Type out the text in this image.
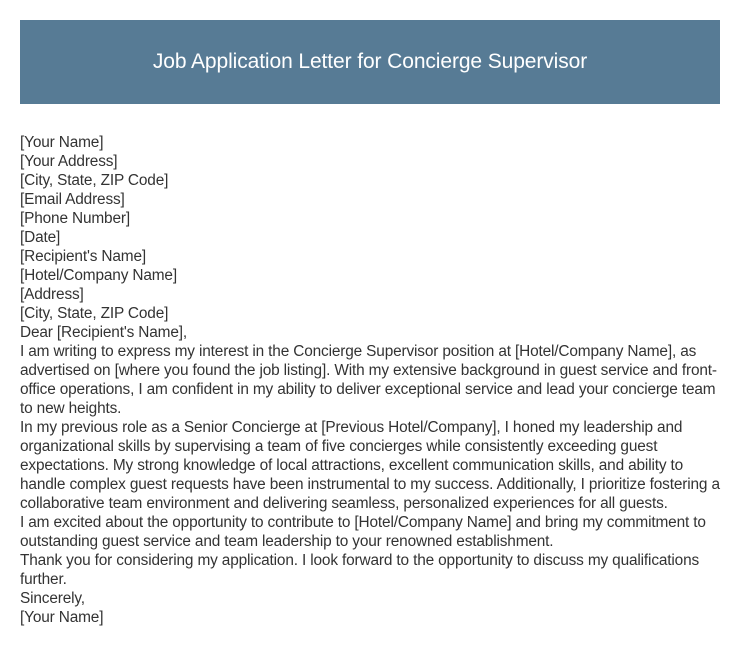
Job Application Letter for Concierge Supervisor

[Your Name]

[Your Address]

[City, State, ZIP Code]

[Email Address]

[Phone Number]

[Date]

[Recipient's Name]

[Hotel/Company Name]

[Address]

[City, State, ZIP Code]

Dear [Recipient's Name],

I am writing to express my interest in the Concierge Supervisor position at [Hotel/Company Name], as advertised on [where you found the job listing]. With my extensive background in guest service and front-office operations, I am confident in my ability to deliver exceptional service and lead your concierge team to new heights.

In my previous role as a Senior Concierge at [Previous Hotel/Company], I honed my leadership and organizational skills by supervising a team of five concierges while consistently exceeding guest expectations. My strong knowledge of local attractions, excellent communication skills, and ability to handle complex guest requests have been instrumental to my success. Additionally, I prioritize fostering a collaborative team environment and delivering seamless, personalized experiences for all guests.

I am excited about the opportunity to contribute to [Hotel/Company Name] and bring my commitment to outstanding guest service and team leadership to your renowned establishment.

Thank you for considering my application. I look forward to the opportunity to discuss my qualifications further.

Sincerely,

[Your Name]
